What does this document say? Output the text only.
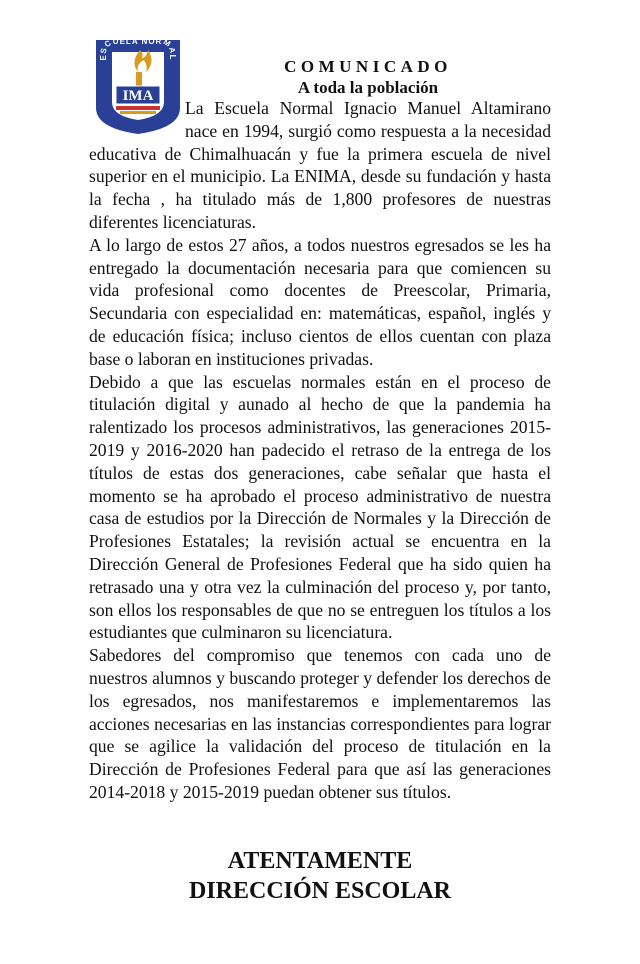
IMA
ESCUELA NORMAL	COMUNICADO
A toda la población

La Escuela Normal Ignacio Manuel Altamirano nace en 1994, surgió como respuesta a la necesidad educativa de Chimalhuacán y fue la primera escuela de nivel superior en el municipio. La ENIMA, desde su fundación y hasta la fecha , ha titulado más de 1,800 profesores de nuestras diferentes licenciaturas.

A lo largo de estos 27 años, a todos nuestros egresados se les ha entregado la documentación necesaria para que comiencen su vida profesional como docentes de Preescolar, Primaria, Secundaria con especialidad en: matemáticas, español, inglés y de educación física; incluso cientos de ellos cuentan con plaza base o laboran en instituciones privadas.

Debido a que las escuelas normales están en el proceso de titulación digital y aunado al hecho de que la pandemia ha ralentizado los procesos administrativos, las generaciones 2015-2019 y 2016-2020 han padecido el retraso de la entrega de los títulos de estas dos generaciones, cabe señalar que hasta el momento se ha aprobado el proceso administrativo de nuestra casa de estudios por la Dirección de Normales y la Dirección de Profesiones Estatales; la revisión actual se encuentra en la Dirección General de Profesiones Federal que ha sido quien ha retrasado una y otra vez la culminación del proceso y, por tanto, son ellos los responsables de que no se entreguen los títulos a los estudiantes que culminaron su licenciatura.

Sabedores del compromiso que tenemos con cada uno de nuestros alumnos y buscando proteger y defender los derechos de los egresados, nos manifestaremos e implementaremos las acciones necesarias en las instancias correspondientes para lograr que se agilice la validación del proceso de titulación en la Dirección de Profesiones Federal para que así las generaciones 2014-2018 y 2015-2019 puedan obtener sus títulos.

ATENTAMENTE
DIRECCIÓN ESCOLAR
